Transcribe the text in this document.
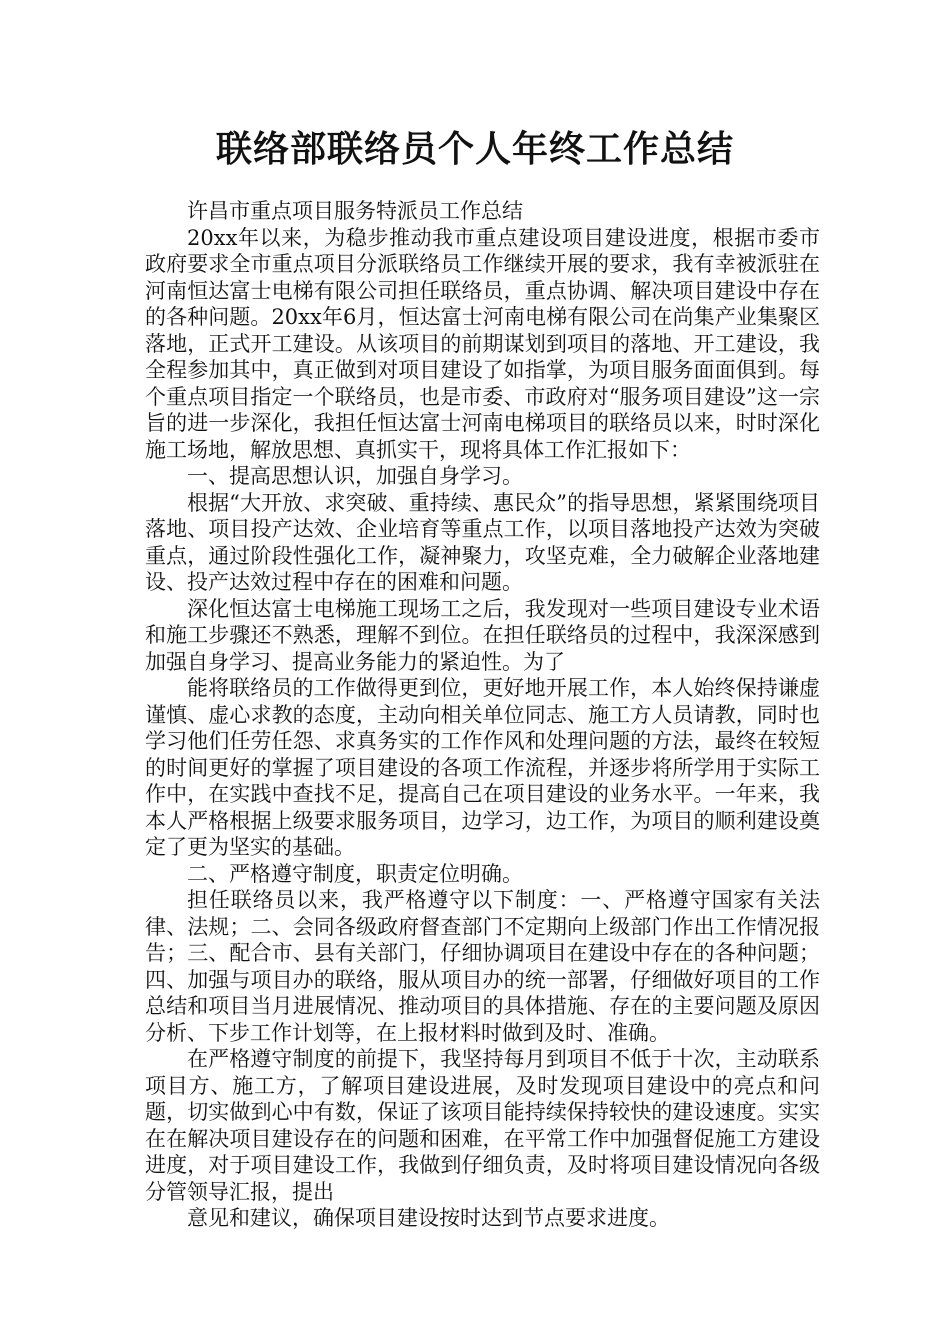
联络部联络员个人年终工作总结

许昌市重点项目服务特派员工作总结

20xx年以来，为稳步推动我市重点建设项目建设进度，根据市委市政府要求全市重点项目分派联络员工作继续开展的要求，我有幸被派驻在河南恒达富士电梯有限公司担任联络员，重点协调、解决项目建设中存在的各种问题。20xx年6月，恒达富士河南电梯有限公司在尚集产业集聚区落地，正式开工建设。从该项目的前期谋划到项目的落地、开工建设，我全程参加其中，真正做到对项目建设了如指掌，为项目服务面面俱到。每个重点项目指定一个联络员，也是市委、市政府对“服务项目建设”这一宗旨的进一步深化，我担任恒达富士河南电梯项目的联络员以来，时时深化施工场地，解放思想、真抓实干，现将具体工作汇报如下：

一、提高思想认识，加强自身学习。

根据“大开放、求突破、重持续、惠民众”的指导思想，紧紧围绕项目落地、项目投产达效、企业培育等重点工作，以项目落地投产达效为突破重点，通过阶段性强化工作，凝神聚力，攻坚克难，全力破解企业落地建设、投产达效过程中存在的困难和问题。

深化恒达富士电梯施工现场工之后，我发现对一些项目建设专业术语和施工步骤还不熟悉，理解不到位。在担任联络员的过程中，我深深感到加强自身学习、提高业务能力的紧迫性。为了

能将联络员的工作做得更到位，更好地开展工作，本人始终保持谦虚谨慎、虚心求教的态度，主动向相关单位同志、施工方人员请教，同时也学习他们任劳任怨、求真务实的工作作风和处理问题的方法，最终在较短的时间更好的掌握了项目建设的各项工作流程，并逐步将所学用于实际工作中，在实践中查找不足，提高自己在项目建设的业务水平。一年来，我本人严格根据上级要求服务项目，边学习，边工作，为项目的顺利建设奠定了更为坚实的基础。

二、严格遵守制度，职责定位明确。

担任联络员以来，我严格遵守以下制度：一、严格遵守国家有关法律、法规；二、会同各级政府督查部门不定期向上级部门作出工作情况报告；三、配合市、县有关部门，仔细协调项目在建设中存在的各种问题；四、加强与项目办的联络，服从项目办的统一部署，仔细做好项目的工作总结和项目当月进展情况、推动项目的具体措施、存在的主要问题及原因分析、下步工作计划等，在上报材料时做到及时、准确。

在严格遵守制度的前提下，我坚持每月到项目不低于十次，主动联系项目方、施工方，了解项目建设进展，及时发现项目建设中的亮点和问题，切实做到心中有数，保证了该项目能持续保持较快的建设速度。实实在在解决项目建设存在的问题和困难，在平常工作中加强督促施工方建设进度，对于项目建设工作，我做到仔细负责，及时将项目建设情况向各级分管领导汇报，提出

意见和建议，确保项目建设按时达到节点要求进度。
